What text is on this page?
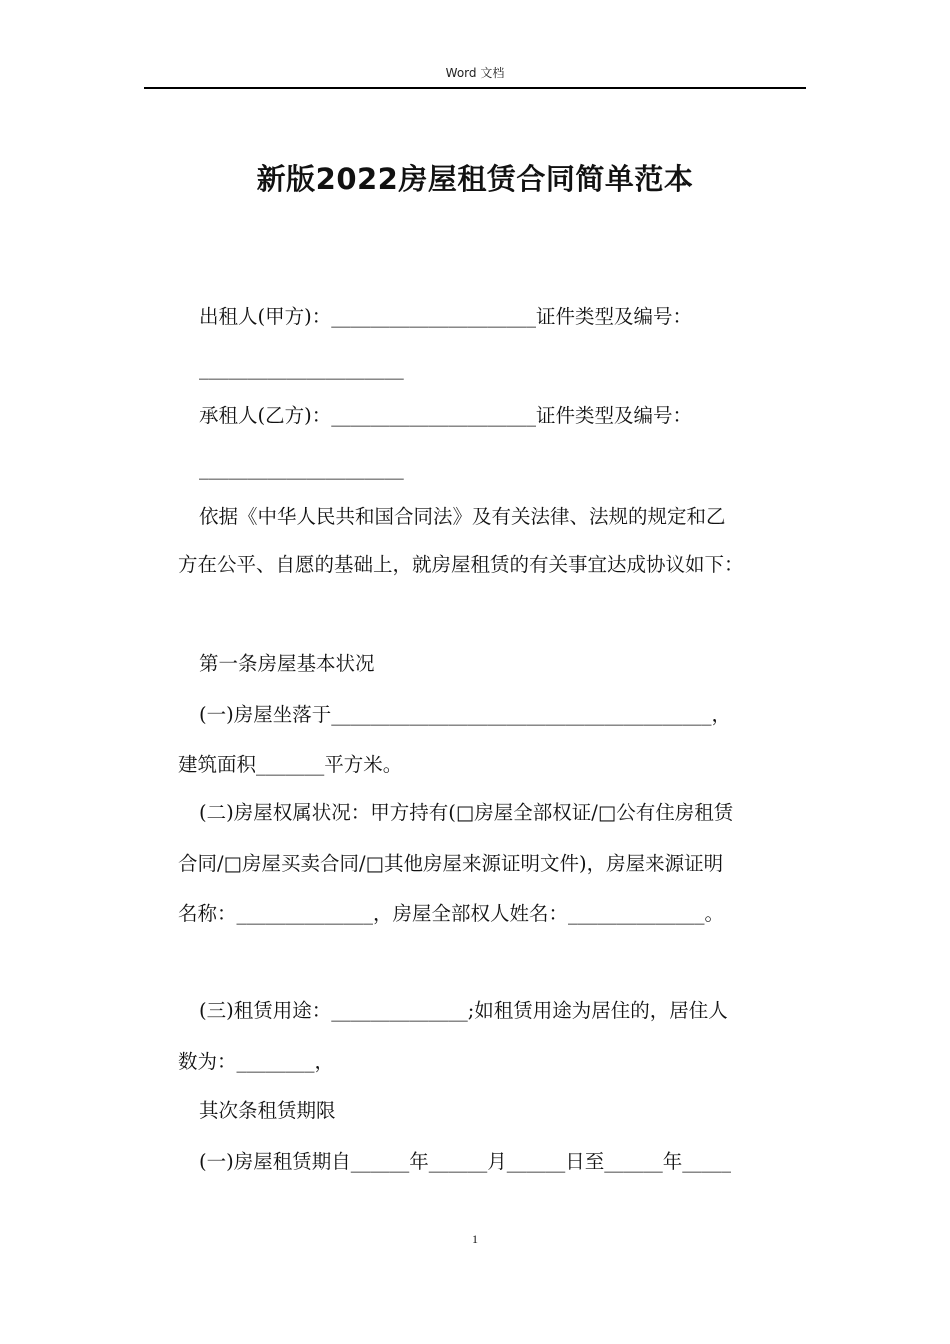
Word 文档
新版2022房屋租赁合同简单范本
出租人(甲方)：_____________________证件类型及编号：
_____________________
承租人(乙方)：_____________________证件类型及编号：
_____________________
依据《中华人民共和国合同法》及有关法律、法规的规定和乙
方在公平、自愿的基础上，就房屋租赁的有关事宜达成协议如下：
第一条房屋基本状况
(一)房屋坐落于_______________________________________，
建筑面积_______平方米。
(二)房屋权属状况：甲方持有(□房屋全部权证/□公有住房租赁
合同/□房屋买卖合同/□其他房屋来源证明文件)，房屋来源证明
名称：______________，房屋全部权人姓名：______________。
(三)租赁用途：______________;如租赁用途为居住的，居住人
数为：________，
其次条租赁期限
(一)房屋租赁期自______年______月______日至______年_____
1
